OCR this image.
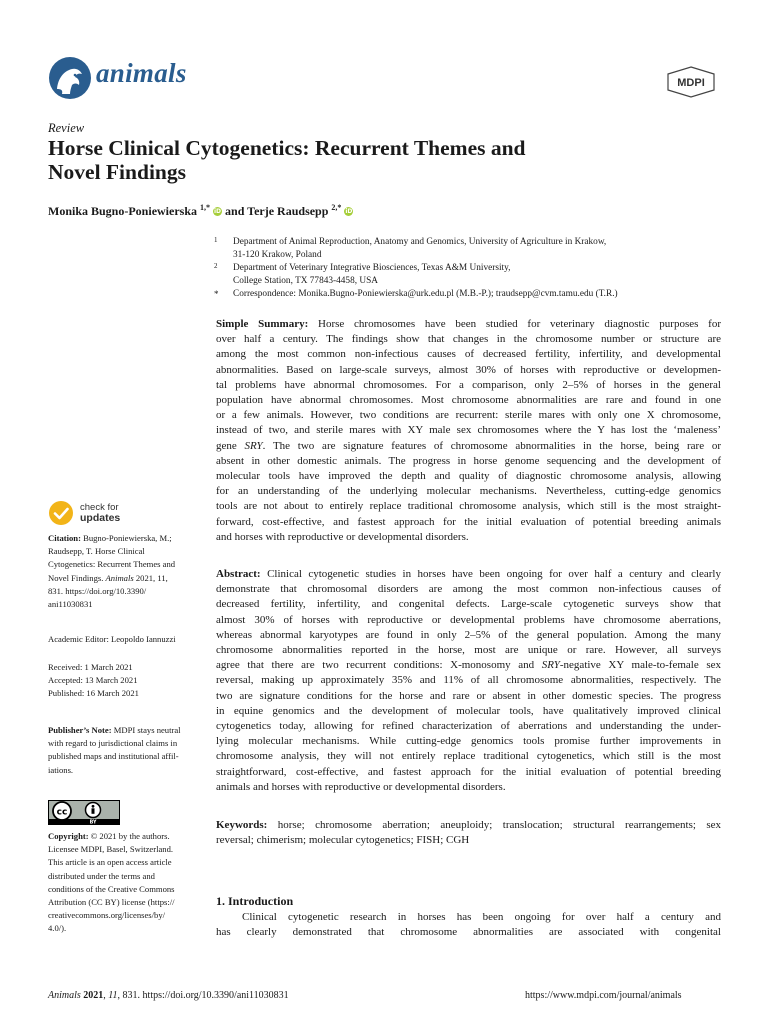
animals	MDPI
Review
Horse Clinical Cytogenetics: Recurrent Themes and
Novel Findings
Monika Bugno-Poniewierska $^{1,*}$ iD and Terje Raudsepp $^{2,*}$ iD
1 Department of Animal Reproduction, Anatomy and Genomics, University of Agriculture in Krakow,
31-120 Krakow, Poland
2 Department of Veterinary Integrative Biosciences, Texas A&M University,
College Station, TX 77843-4458, USA
* Correspondence: Monika.Bugno-Poniewierska@urk.edu.pl (M.B.-P.); traudsepp@cvm.tamu.edu (T.R.)
Simple Summary: Horse chromosomes have been studied for veterinary diagnostic purposes for
over half a century. The findings show that changes in the chromosome number or structure are
among the most common non-infectious causes of decreased fertility, infertility, and developmental
abnormalities. Based on large-scale surveys, almost 30% of horses with reproductive or developmen-
tal problems have abnormal chromosomes. For a comparison, only 2–5% of horses in the general
population have abnormal chromosomes. Most chromosome abnormalities are rare and found in one
or a few animals. However, two conditions are recurrent: sterile mares with only one X chromosome,
instead of two, and sterile mares with XY male sex chromosomes where the Y has lost the ‘maleness’
gene SRY. The two are signature features of chromosome abnormalities in the horse, being rare or
absent in other domestic animals. The progress in horse genome sequencing and the development of
molecular tools have improved the depth and quality of diagnostic chromosome analysis, allowing
for an understanding of the underlying molecular mechanisms. Nevertheless, cutting-edge genomics
tools are not about to entirely replace traditional chromosome analysis, which still is the most straight-
forward, cost-effective, and fastest approach for the initial evaluation of potential breeding animals
and horses with reproductive or developmental disorders.
Abstract: Clinical cytogenetic studies in horses have been ongoing for over half a century and clearly
demonstrate that chromosomal disorders are among the most common non-infectious causes of
decreased fertility, infertility, and congenital defects. Large-scale cytogenetic surveys show that
almost 30% of horses with reproductive or developmental problems have chromosome aberrations,
whereas abnormal karyotypes are found in only 2–5% of the general population. Among the many
chromosome abnormalities reported in the horse, most are unique or rare. However, all surveys
agree that there are two recurrent conditions: X-monosomy and SRY-negative XY male-to-female sex
reversal, making up approximately 35% and 11% of all chromosome abnormalities, respectively. The
two are signature conditions for the horse and rare or absent in other domestic species. The progress
in equine genomics and the development of molecular tools, have qualitatively improved clinical
cytogenetics today, allowing for refined characterization of aberrations and understanding the under-
lying molecular mechanisms. While cutting-edge genomics tools promise further improvements in
chromosome analysis, they will not entirely replace traditional cytogenetics, which still is the most
straightforward, cost-effective, and fastest approach for the initial evaluation of potential breeding
animals and horses with reproductive or developmental disorders.
Keywords: horse; chromosome aberration; aneuploidy; translocation; structural rearrangements; sex
reversal; chimerism; molecular cytogenetics; FISH; CGH
1. Introduction
Clinical cytogenetic research in horses has been ongoing for over half a century and
has clearly demonstrated that chromosome abnormalities are associated with congenital
check for
updates
Citation: Bugno-Poniewierska, M.;
Raudsepp, T. Horse Clinical
Cytogenetics: Recurrent Themes and
Novel Findings. Animals 2021, 11,
831. https://doi.org/10.3390/
ani11030831
Academic Editor: Leopoldo Iannuzzi
Received: 1 March 2021
Accepted: 13 March 2021
Published: 16 March 2021
Publisher’s Note: MDPI stays neutral
with regard to jurisdictional claims in
published maps and institutional affil-
iations.
cc
BY
Copyright: © 2021 by the authors.
Licensee MDPI, Basel, Switzerland.
This article is an open access article
distributed under the terms and
conditions of the Creative Commons
Attribution (CC BY) license (https://
creativecommons.org/licenses/by/
4.0/).
Animals 2021, 11, 831. https://doi.org/10.3390/ani11030831	https://www.mdpi.com/journal/animals
